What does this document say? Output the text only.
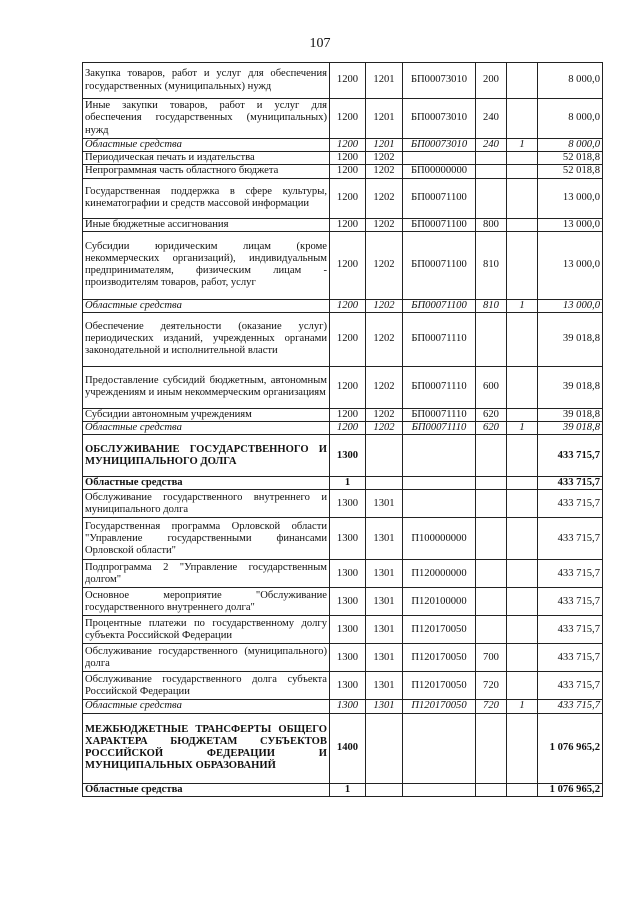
107
Закупка товаров, работ и услуг для обеспечения государственных (муниципальных) нужд	1200	1201	БП00073010	200		8 000,0
Иные закупки товаров, работ и услуг для обеспечения государственных (муниципальных) нужд	1200	1201	БП00073010	240		8 000,0
Областные средства	1200	1201	БП00073010	240	1	8 000,0
Периодическая печать и издательства	1200	1202				52 018,8
Непрограммная часть областного бюджета	1200	1202	БП00000000			52 018,8
Государственная поддержка в сфере культуры, кинематографии и средств массовой информации	1200	1202	БП00071100			13 000,0
Иные бюджетные ассигнования	1200	1202	БП00071100	800		13 000,0
Субсидии юридическим лицам (кроме некоммерческих организаций), индивидуальным предпринимателям, физическим лицам - производителям товаров, работ, услуг	1200	1202	БП00071100	810		13 000,0
Областные средства	1200	1202	БП00071100	810	1	13 000,0
Обеспечение деятельности (оказание услуг) периодических изданий, учрежденных органами законодательной и исполнительной власти	1200	1202	БП00071110			39 018,8
Предоставление субсидий бюджетным, автономным учреждениям и иным некоммерческим организациям	1200	1202	БП00071110	600		39 018,8
Субсидии автономным учреждениям	1200	1202	БП00071110	620		39 018,8
Областные средства	1200	1202	БП00071110	620	1	39 018,8
ОБСЛУЖИВАНИЕ ГОСУДАРСТВЕННОГО И МУНИЦИПАЛЬНОГО ДОЛГА	1300					433 715,7
Областные средства	1					433 715,7
Обслуживание государственного внутреннего и муниципального долга	1300	1301				433 715,7
Государственная программа Орловской области "Управление государственными финансами Орловской области"	1300	1301	П100000000			433 715,7
Подпрограмма 2 "Управление государственным долгом"	1300	1301	П120000000			433 715,7
Основное мероприятие "Обслуживание государственного внутреннего долга"	1300	1301	П120100000			433 715,7
Процентные платежи по государственному долгу субъекта Российской Федерации	1300	1301	П120170050			433 715,7
Обслуживание государственного (муниципального) долга	1300	1301	П120170050	700		433 715,7
Обслуживание государственного долга субъекта Российской Федерации	1300	1301	П120170050	720		433 715,7
Областные средства	1300	1301	П120170050	720	1	433 715,7
МЕЖБЮДЖЕТНЫЕ ТРАНСФЕРТЫ ОБЩЕГО ХАРАКТЕРА БЮДЖЕТАМ СУБЪЕКТОВ РОССИЙСКОЙ ФЕДЕРАЦИИ И МУНИЦИПАЛЬНЫХ ОБРАЗОВАНИЙ	1400					1 076 965,2
Областные средства	1					1 076 965,2
